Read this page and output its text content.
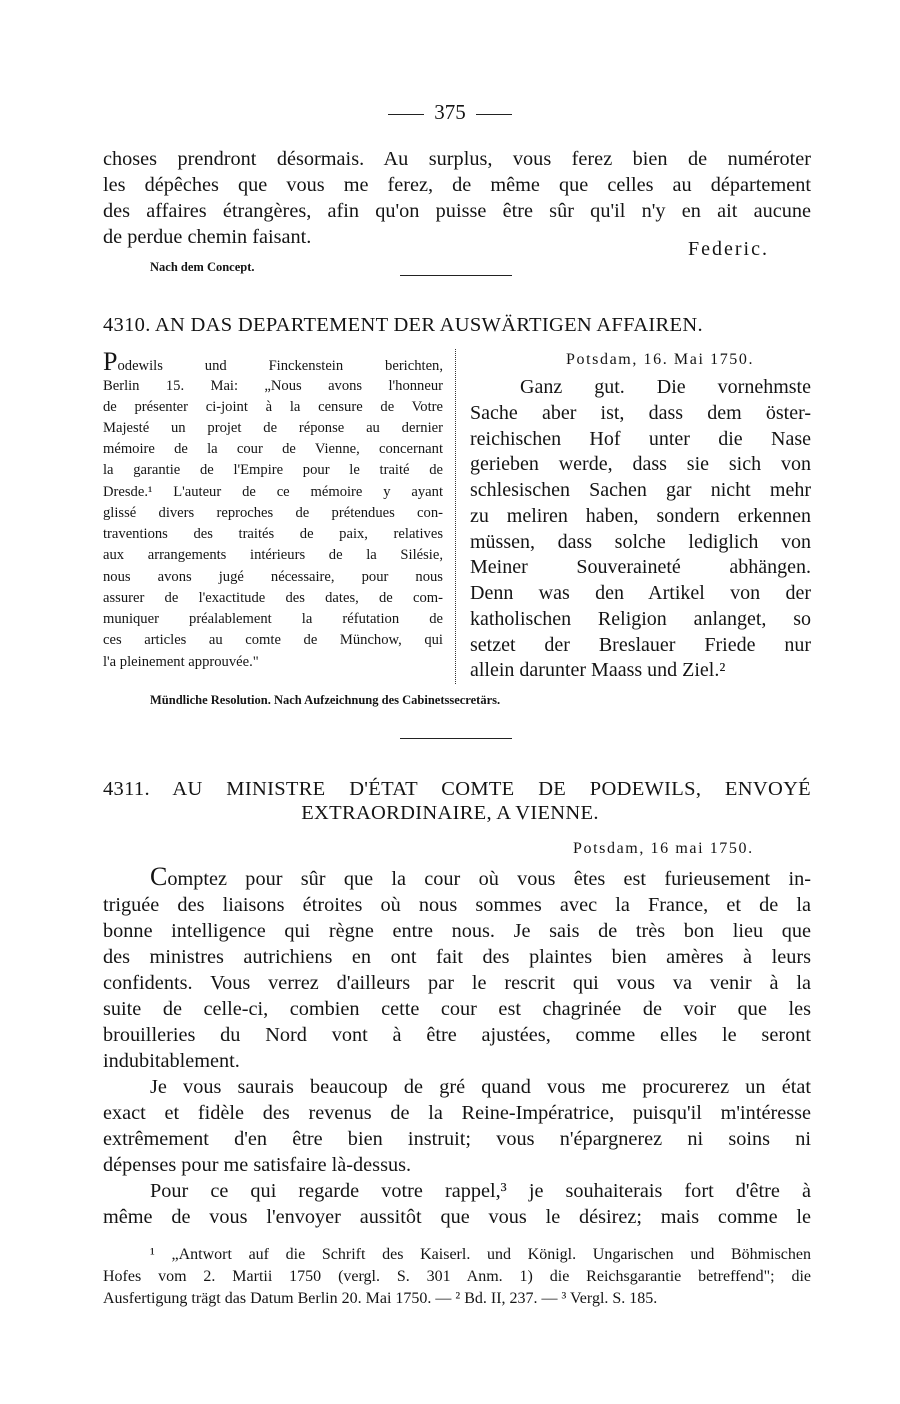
375
choses prendront désormais. Au surplus, vous ferez bien de numéroter
les dépêches que vous me ferez, de même que celles au département
des affaires étrangères, afin qu'on puisse être sûr qu'il n'y en ait aucune
de perdue chemin faisant.
Federic.
Nach dem Concept.
4310. AN DAS DEPARTEMENT DER AUSWÄRTIGEN AFFAIREN.
Podewils und Finckenstein berichten,
Berlin 15. Mai: „Nous avons l'honneur
de présenter ci-joint à la censure de Votre
Majesté un projet de réponse au dernier
mémoire de la cour de Vienne, concernant
la garantie de l'Empire pour le traité de
Dresde.¹ L'auteur de ce mémoire y ayant
glissé divers reproches de prétendues con-
traventions des traités de paix, relatives
aux arrangements intérieurs de la Silésie,
nous avons jugé nécessaire, pour nous
assurer de l'exactitude des dates, de com-
muniquer préalablement la réfutation de
ces articles au comte de Münchow, qui
l'a pleinement approuvée."
Potsdam, 16. Mai 1750.
Ganz gut. Die vornehmste
Sache aber ist, dass dem öster-
reichischen Hof unter die Nase
gerieben werde, dass sie sich von
schlesischen Sachen gar nicht mehr
zu meliren haben, sondern erkennen
müssen, dass solche lediglich von
Meiner Souveraineté abhängen.
Denn was den Artikel von der
katholischen Religion anlanget, so
setzet der Breslauer Friede nur
allein darunter Maass und Ziel.²
Mündliche Resolution. Nach Aufzeichnung des Cabinetssecretärs.
4311. AU MINISTRE D'ÉTAT COMTE DE PODEWILS, ENVOYÉ
EXTRAORDINAIRE, A VIENNE.
Potsdam, 16 mai 1750.
Comptez pour sûr que la cour où vous êtes est furieusement in-
triguée des liaisons étroites où nous sommes avec la France, et de la
bonne intelligence qui règne entre nous. Je sais de très bon lieu que
des ministres autrichiens en ont fait des plaintes bien amères à leurs
confidents. Vous verrez d'ailleurs par le rescrit qui vous va venir à la
suite de celle-ci, combien cette cour est chagrinée de voir que les
brouilleries du Nord vont à être ajustées, comme elles le seront
indubitablement.
Je vous saurais beaucoup de gré quand vous me procurerez un état
exact et fidèle des revenus de la Reine-Impératrice, puisqu'il m'intéresse
extrêmement d'en être bien instruit; vous n'épargnerez ni soins ni
dépenses pour me satisfaire là-dessus.
Pour ce qui regarde votre rappel,³ je souhaiterais fort d'être à
même de vous l'envoyer aussitôt que vous le désirez; mais comme le
¹ „Antwort auf die Schrift des Kaiserl. und Königl. Ungarischen und Böhmischen
Hofes vom 2. Martii 1750 (vergl. S. 301 Anm. 1) die Reichsgarantie betreffend"; die
Ausfertigung trägt das Datum Berlin 20. Mai 1750. — ² Bd. II, 237. — ³ Vergl. S. 185.
